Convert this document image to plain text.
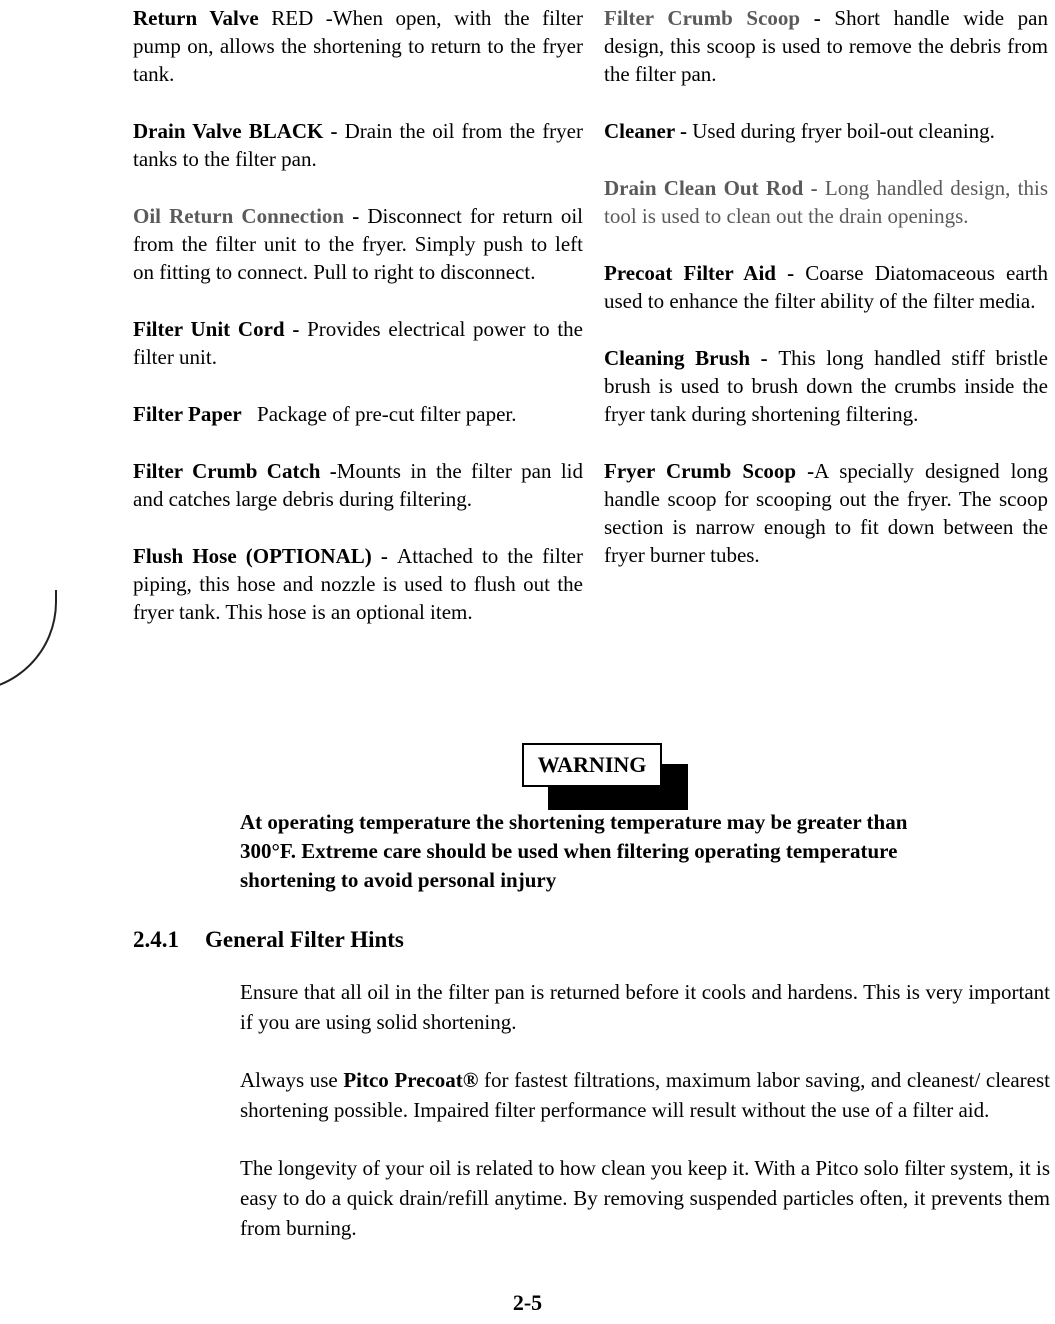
Return Valve RED -When open, with the filter pump on, allows the shortening to return to the fryer tank.

Drain Valve BLACK - Drain the oil from the fryer tanks to the filter pan.

Oil Return Connection - Disconnect for return oil from the filter unit to the fryer. Simply push to left on fitting to connect. Pull to right to disconnect.

Filter Unit Cord - Provides electrical power to the filter unit.

Filter Paper Package of pre-cut filter paper.

Filter Crumb Catch -Mounts in the filter pan lid and catches large debris during filtering.

Flush Hose (OPTIONAL) - Attached to the filter piping, this hose and nozzle is used to flush out the fryer tank. This hose is an optional item.

Filter Crumb Scoop - Short handle wide pan design, this scoop is used to remove the debris from the filter pan.

Cleaner - Used during fryer boil-out cleaning.

Drain Clean Out Rod - Long handled design, this tool is used to clean out the drain openings.

Precoat Filter Aid - Coarse Diatomaceous earth used to enhance the filter ability of the filter media.

Cleaning Brush - This long handled stiff bristle brush is used to brush down the crumbs inside the fryer tank during shortening filtering.

Fryer Crumb Scoop -A specially designed long handle scoop for scooping out the fryer. The scoop section is narrow enough to fit down between the fryer burner tubes.

WARNING

At operating temperature the shortening temperature may be greater than 300°F. Extreme care should be used when filtering operating temperature shortening to avoid personal injury

2.4.1 General Filter Hints

Ensure that all oil in the filter pan is returned before it cools and hardens. This is very important if you are using solid shortening.

Always use Pitco Precoat® for fastest filtrations, maximum labor saving, and cleanest/ clearest shortening possible. Impaired filter performance will result without the use of a filter aid.

The longevity of your oil is related to how clean you keep it. With a Pitco solo filter system, it is easy to do a quick drain/refill anytime. By removing suspended particles often, it prevents them from burning.

2-5
